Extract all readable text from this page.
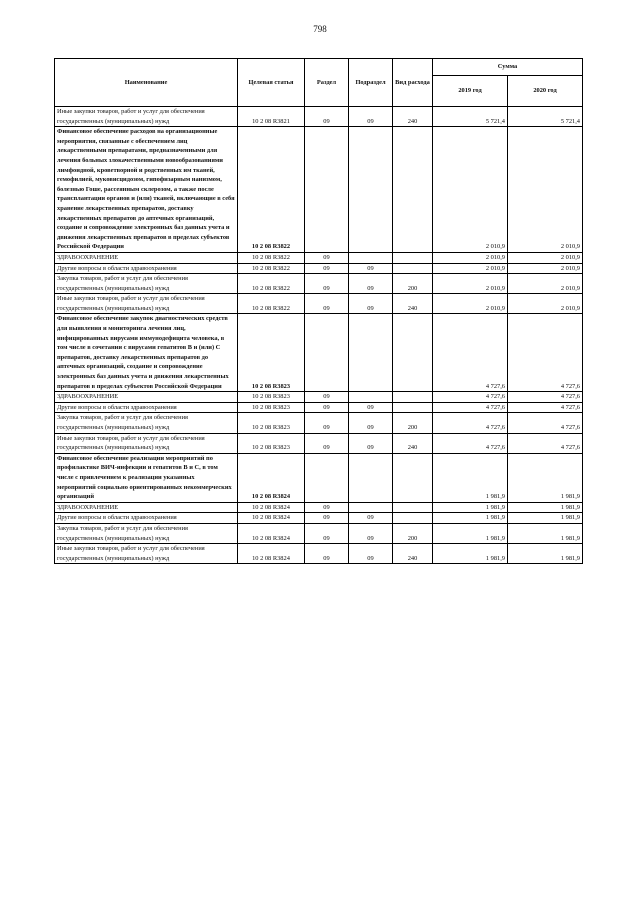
798
Наименование	Целевая статья	Раздел	Подраздел	Вид расхода	Сумма	
					2019 год	2020 год
Иные закупки товаров, работ и услуг для обеспечения государственных (муниципальных) нужд	10 2 08 R3821	09	09	240	5 721,4	5 721,4
Финансовое обеспечение расходов на организационные мероприятия, связанные с обеспечением лиц лекарственными препаратами, предназначенными для лечения больных злокачественными новообразованиями лимфоидной, кроветворной и родственных им тканей, гемофилией, муковисцидозом, гипофизарным нанизмом, болезнью Гоше, рассеянным склерозом, а также после трансплантации органов и (или) тканей, включающие в себя хранение лекарственных препаратов, доставку лекарственных препаратов до аптечных организаций, создание и сопровождение электронных баз данных учета и движения лекарственных препаратов в пределах субъектов Российской Федерации	10 2 08 R3822				2 010,9	2 010,9
ЗДРАВООХРАНЕНИЕ	10 2 08 R3822	09			2 010,9	2 010,9
Другие вопросы в области здравоохранения	10 2 08 R3822	09	09		2 010,9	2 010,9
Закупка товаров, работ и услуг для обеспечения государственных (муниципальных) нужд	10 2 08 R3822	09	09	200	2 010,9	2 010,9
Иные закупки товаров, работ и услуг для обеспечения государственных (муниципальных) нужд	10 2 08 R3822	09	09	240	2 010,9	2 010,9
Финансовое обеспечение закупок диагностических средств для выявления и мониторинга лечения лиц, инфицированных вирусами иммунодефицита человека, в том числе в сочетании с вирусами гепатитов В и (или) С препаратов, доставку лекарственных препаратов до аптечных организаций, создание и сопровождение электронных баз данных учета и движения лекарственных препаратов в пределах субъектов Российской Федерации	10 2 08 R3823				4 727,6	4 727,6
ЗДРАВООХРАНЕНИЕ	10 2 08 R3823	09			4 727,6	4 727,6
Другие вопросы в области здравоохранения	10 2 08 R3823	09	09		4 727,6	4 727,6
Закупка товаров, работ и услуг для обеспечения государственных (муниципальных) нужд	10 2 08 R3823	09	09	200	4 727,6	4 727,6
Иные закупки товаров, работ и услуг для обеспечения государственных (муниципальных) нужд	10 2 08 R3823	09	09	240	4 727,6	4 727,6
Финансовое обеспечение реализации мероприятий по профилактике ВИЧ-инфекции и гепатитов В и С, в том числе с привлечением к реализации указанных мероприятий социально ориентированных некоммерческих организаций	10 2 08 R3824				1 981,9	1 981,9
ЗДРАВООХРАНЕНИЕ	10 2 08 R3824	09			1 981,9	1 981,9
Другие вопросы в области здравоохранения	10 2 08 R3824	09	09		1 981,9	1 981,9
Закупка товаров, работ и услуг для обеспечения государственных (муниципальных) нужд	10 2 08 R3824	09	09	200	1 981,9	1 981,9
Иные закупки товаров, работ и услуг для обеспечения государственных (муниципальных) нужд	10 2 08 R3824	09	09	240	1 981,9	1 981,9
